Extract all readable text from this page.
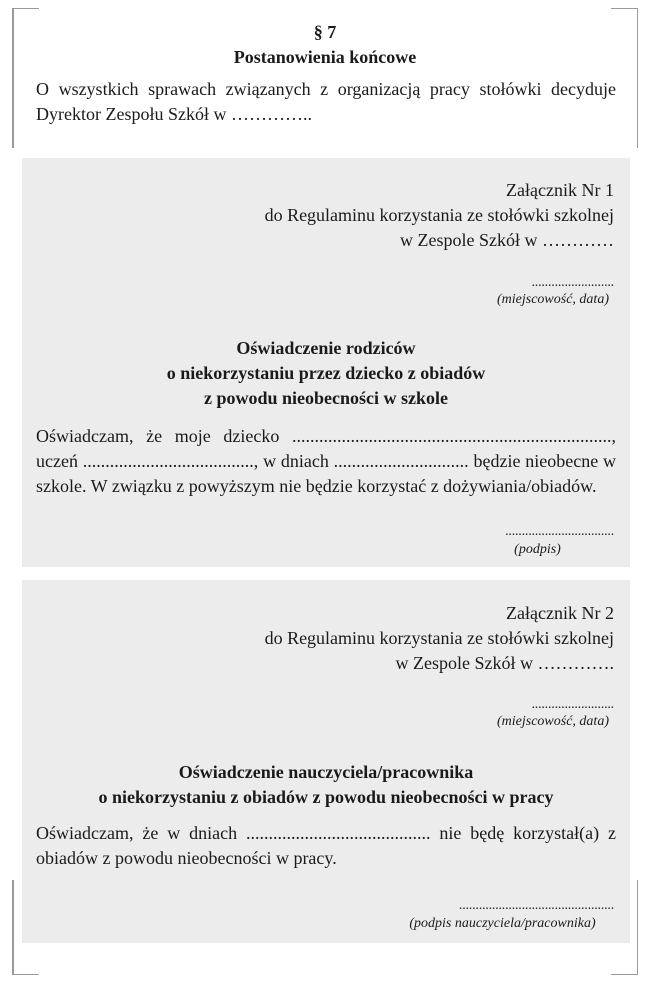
§ 7
Postanowienia końcowe
O wszystkich sprawach związanych z organizacją pracy stołówki decyduje Dyrektor Zespołu Szkół w …………..
Załącznik Nr 1
do Regulaminu korzystania ze stołówki szkolnej
w Zespole Szkół w …………
.........................
(miejscowość, data)
Oświadczenie rodziców
o niekorzystaniu przez dziecko z obiadów
z powodu nieobecności w szkole
Oświadczam, że moje dziecko ......................................................................., uczeń ......................................, w dniach .............................. będzie nieobecne w szkole. W związku z powyższym nie będzie korzystać z dożywiania/obiadów.
.................................
(podpis)
Załącznik Nr 2
do Regulaminu korzystania ze stołówki szkolnej
w Zespole Szkół w ………….
.........................
(miejscowość, data)
Oświadczenie nauczyciela/pracownika
o niekorzystaniu z obiadów z powodu nieobecności w pracy
Oświadczam, że w dniach ......................................... nie będę korzystał(a) z obiadów z powodu nieobecności w pracy.
...............................................
(podpis nauczyciela/pracownika)
